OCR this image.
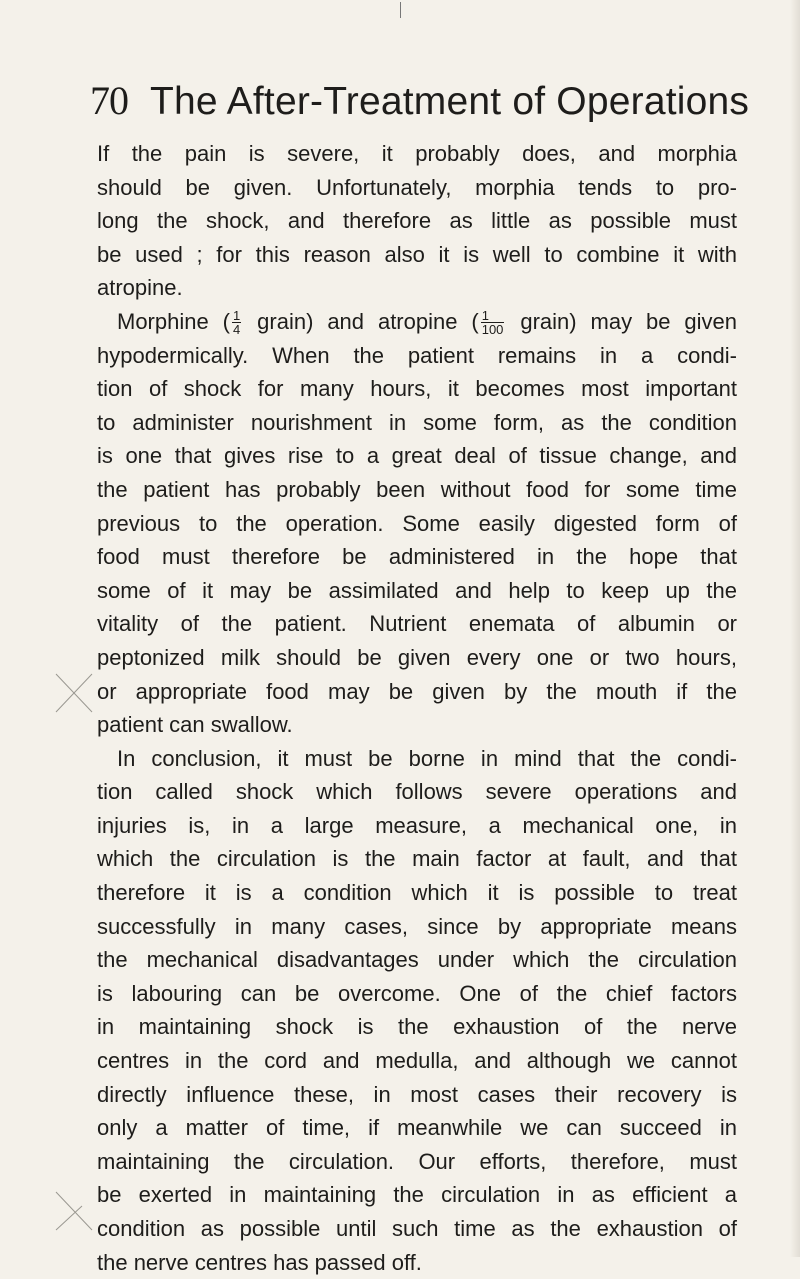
70 The After-Treatment of Operations
If the pain is severe, it probably does, and morphia
should be given. Unfortunately, morphia tends to pro-
long the shock, and therefore as little as possible must
be used ; for this reason also it is well to combine it with
atropine.
Morphine ( $\frac{1}{4}$ grain) and atropine ( $\frac{1}{100}$ grain) may be given
hypodermically. When the patient remains in a condi-
tion of shock for many hours, it becomes most important
to administer nourishment in some form, as the condition
is one that gives rise to a great deal of tissue change, and
the patient has probably been without food for some time
previous to the operation. Some easily digested form of
food must therefore be administered in the hope that
some of it may be assimilated and help to keep up the
vitality of the patient. Nutrient enemata of albumin or
peptonized milk should be given every one or two hours,
or appropriate food may be given by the mouth if the
patient can swallow.
In conclusion, it must be borne in mind that the condi-
tion called shock which follows severe operations and
injuries is, in a large measure, a mechanical one, in
which the circulation is the main factor at fault, and that
therefore it is a condition which it is possible to treat
successfully in many cases, since by appropriate means
the mechanical disadvantages under which the circulation
is labouring can be overcome. One of the chief factors
in maintaining shock is the exhaustion of the nerve
centres in the cord and medulla, and although we cannot
directly influence these, in most cases their recovery is
only a matter of time, if meanwhile we can succeed in
maintaining the circulation. Our efforts, therefore, must
be exerted in maintaining the circulation in as efficient a
condition as possible until such time as the exhaustion of
the nerve centres has passed off.
